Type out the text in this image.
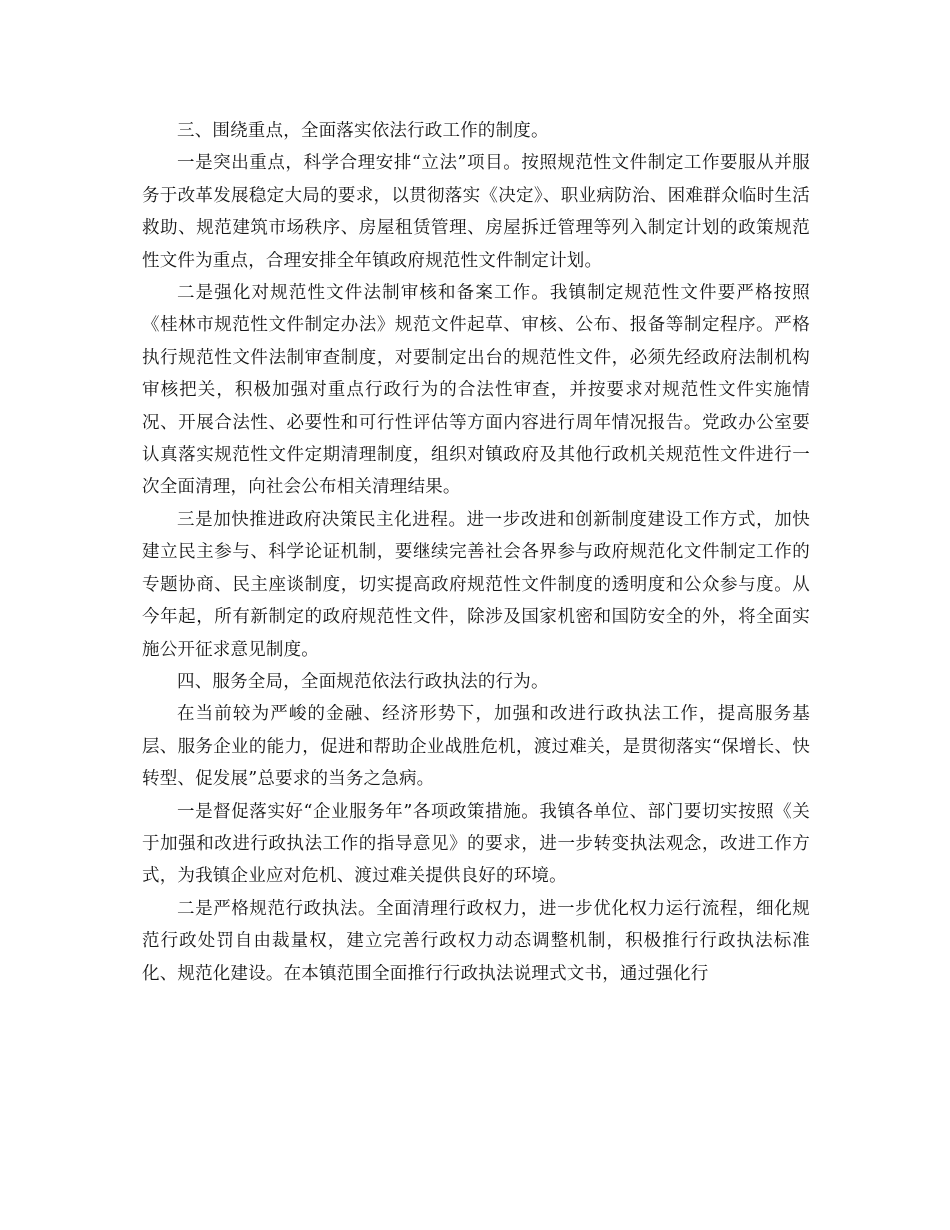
三、围绕重点，全面落实依法行政工作的制度。

一是突出重点，科学合理安排“立法”项目。按照规范性文件制定工作要服从并服务于改革发展稳定大局的要求，以贯彻落实《决定》、职业病防治、困难群众临时生活救助、规范建筑市场秩序、房屋租赁管理、房屋拆迁管理等列入制定计划的政策规范性文件为重点，合理安排全年镇政府规范性文件制定计划。

二是强化对规范性文件法制审核和备案工作。我镇制定规范性文件要严格按照《桂林市规范性文件制定办法》规范文件起草、审核、公布、报备等制定程序。严格执行规范性文件法制审查制度，对要制定出台的规范性文件，必须先经政府法制机构审核把关，积极加强对重点行政行为的合法性审查，并按要求对规范性文件实施情况、开展合法性、必要性和可行性评估等方面内容进行周年情况报告。党政办公室要认真落实规范性文件定期清理制度，组织对镇政府及其他行政机关规范性文件进行一次全面清理，向社会公布相关清理结果。

三是加快推进政府决策民主化进程。进一步改进和创新制度建设工作方式，加快建立民主参与、科学论证机制，要继续完善社会各界参与政府规范化文件制定工作的专题协商、民主座谈制度，切实提高政府规范性文件制度的透明度和公众参与度。从今年起，所有新制定的政府规范性文件，除涉及国家机密和国防安全的外，将全面实施公开征求意见制度。

四、服务全局，全面规范依法行政执法的行为。

在当前较为严峻的金融、经济形势下，加强和改进行政执法工作，提高服务基层、服务企业的能力，促进和帮助企业战胜危机，渡过难关，是贯彻落实“保增长、快转型、促发展”总要求的当务之急病。

一是督促落实好“企业服务年”各项政策措施。我镇各单位、部门要切实按照《关于加强和改进行政执法工作的指导意见》的要求，进一步转变执法观念，改进工作方式，为我镇企业应对危机、渡过难关提供良好的环境。

二是严格规范行政执法。全面清理行政权力，进一步优化权力运行流程，细化规范行政处罚自由裁量权，建立完善行政权力动态调整机制，积极推行行政执法标准化、规范化建设。在本镇范围全面推行行政执法说理式文书，通过强化行
